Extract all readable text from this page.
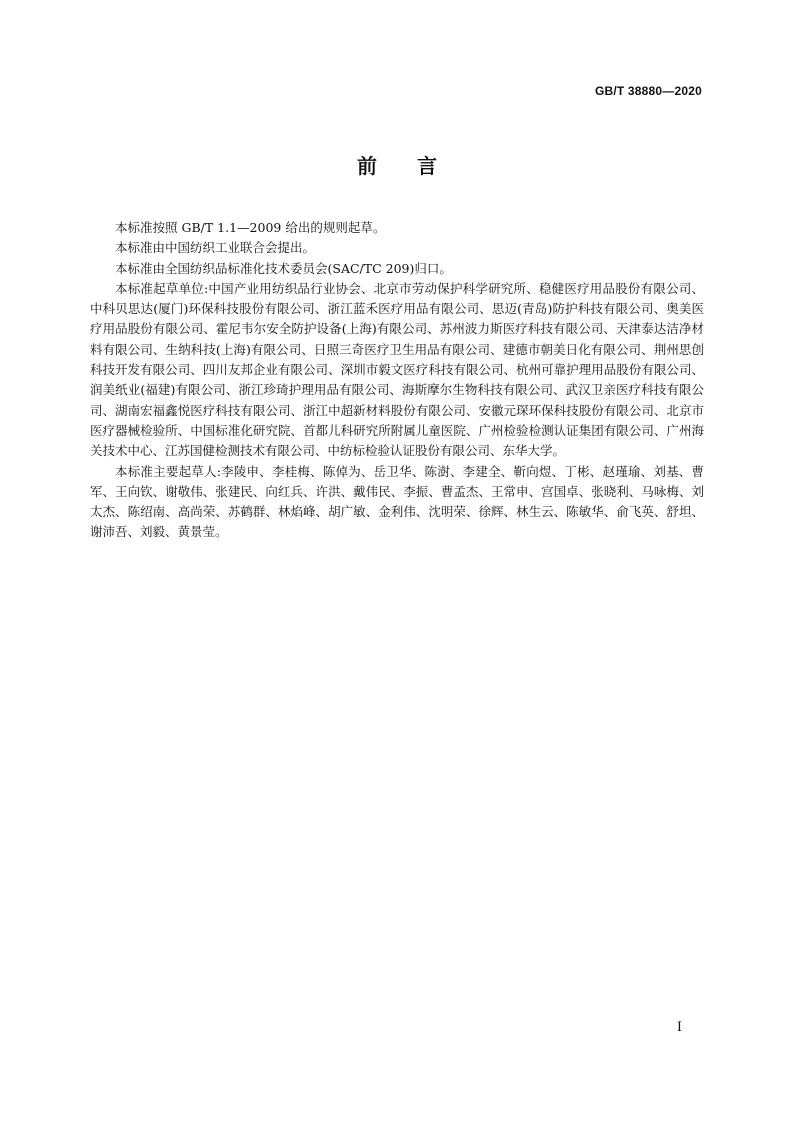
GB/T 38880—2020
前言

本标准按照 GB/T 1.1—2009 给出的规则起草。

本标准由中国纺织工业联合会提出。

本标准由全国纺织品标准化技术委员会(SAC/TC 209)归口。

本标准起草单位:中国产业用纺织品行业协会、北京市劳动保护科学研究所、稳健医疗用品股份有限公司、中科贝思达(厦门)环保科技股份有限公司、浙江蓝禾医疗用品有限公司、思迈(青岛)防护科技有限公司、奥美医疗用品股份有限公司、霍尼韦尔安全防护设备(上海)有限公司、苏州波力斯医疗科技有限公司、天津泰达洁净材料有限公司、生纳科技(上海)有限公司、日照三奇医疗卫生用品有限公司、建德市朝美日化有限公司、荆州思创科技开发有限公司、四川友邦企业有限公司、深圳市毅文医疗科技有限公司、杭州可靠护理用品股份有限公司、润美纸业(福建)有限公司、浙江珍琦护理用品有限公司、海斯摩尔生物科技有限公司、武汉卫亲医疗科技有限公司、湖南宏福鑫悦医疗科技有限公司、浙江中超新材料股份有限公司、安徽元琛环保科技股份有限公司、北京市医疗器械检验所、中国标准化研究院、首都儿科研究所附属儿童医院、广州检验检测认证集团有限公司、广州海关技术中心、江苏国健检测技术有限公司、中纺标检验认证股份有限公司、东华大学。

本标准主要起草人:李陵申、李桂梅、陈倬为、岳卫华、陈澍、李建全、靳向煜、丁彬、赵瑾瑜、刘基、曹军、王向钦、谢敬伟、张建民、向红兵、许洪、戴伟民、李振、曹孟杰、王常申、宫国卓、张晓利、马咏梅、刘太杰、陈绍南、高尚荣、苏鹤群、林焰峰、胡广敏、金利伟、沈明荣、徐辉、林生云、陈敏华、俞飞英、舒坦、谢沛吾、刘毅、黄景莹。

I
